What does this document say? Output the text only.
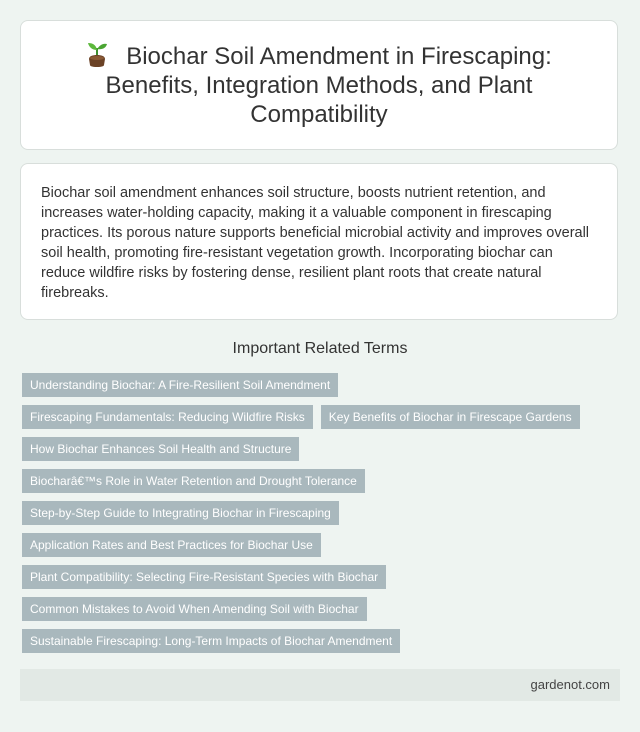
Biochar Soil Amendment in Firescaping: Benefits, Integration Methods, and Plant Compatibility

Biochar soil amendment enhances soil structure, boosts nutrient retention, and increases water-holding capacity, making it a valuable component in firescaping practices. Its porous nature supports beneficial microbial activity and improves overall soil health, promoting fire-resistant vegetation growth. Incorporating biochar can reduce wildfire risks by fostering dense, resilient plant roots that create natural firebreaks.

Important Related Terms
Understanding Biochar: A Fire-Resilient Soil Amendment
Firescaping Fundamentals: Reducing Wildfire Risks	Key Benefits of Biochar in Firescape Gardens
How Biochar Enhances Soil Health and Structure
Biocharâ€™s Role in Water Retention and Drought Tolerance
Step-by-Step Guide to Integrating Biochar in Firescaping
Application Rates and Best Practices for Biochar Use
Plant Compatibility: Selecting Fire-Resistant Species with Biochar
Common Mistakes to Avoid When Amending Soil with Biochar
Sustainable Firescaping: Long-Term Impacts of Biochar Amendment
gardenot.com
